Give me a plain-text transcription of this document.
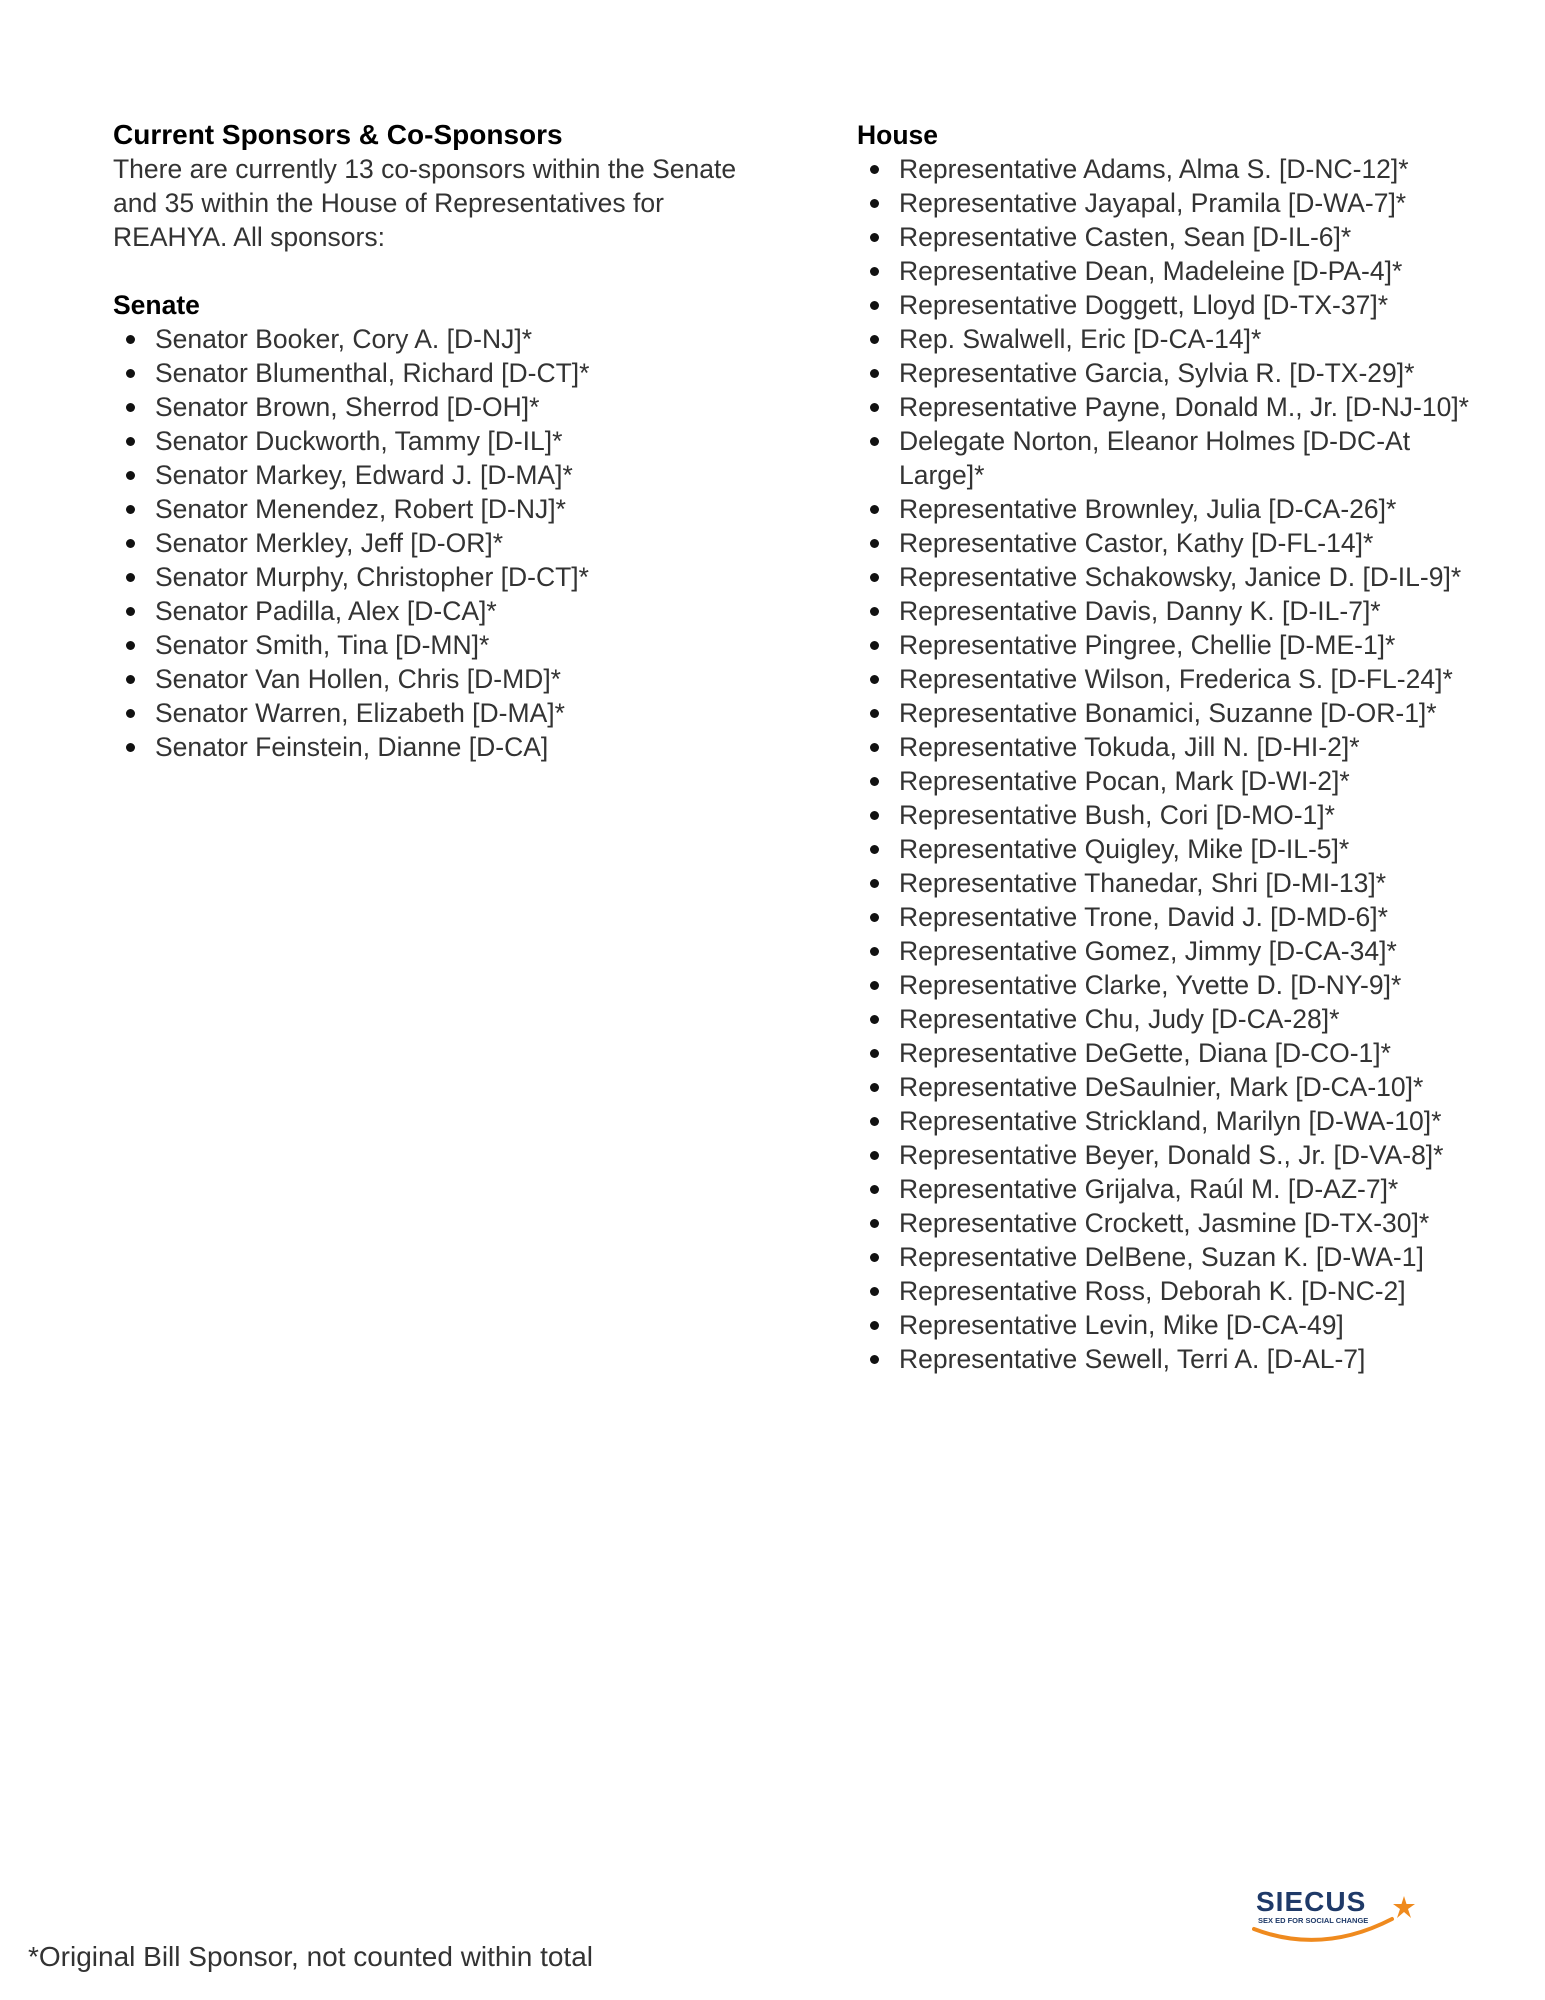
Current Sponsors & Co-Sponsors

There are currently 13 co-sponsors within the Senate and 35 within the House of Representatives for REAHYA. All sponsors:

Senate
Senator Booker, Cory A. [D-NJ]*
Senator Blumenthal, Richard [D-CT]*
Senator Brown, Sherrod [D-OH]*
Senator Duckworth, Tammy [D-IL]*
Senator Markey, Edward J. [D-MA]*
Senator Menendez, Robert [D-NJ]*
Senator Merkley, Jeff [D-OR]*
Senator Murphy, Christopher [D-CT]*
Senator Padilla, Alex [D-CA]*
Senator Smith, Tina [D-MN]*
Senator Van Hollen, Chris [D-MD]*
Senator Warren, Elizabeth [D-MA]*
Senator Feinstein, Dianne [D-CA]
House
Representative Adams, Alma S. [D-NC-12]*
Representative Jayapal, Pramila [D-WA-7]*
Representative Casten, Sean [D-IL-6]*
Representative Dean, Madeleine [D-PA-4]*
Representative Doggett, Lloyd [D-TX-37]*
Rep. Swalwell, Eric [D-CA-14]*
Representative Garcia, Sylvia R. [D-TX-29]*
Representative Payne, Donald M., Jr. [D-NJ-10]*
Delegate Norton, Eleanor Holmes [D-DC-At Large]*
Representative Brownley, Julia [D-CA-26]*
Representative Castor, Kathy [D-FL-14]*
Representative Schakowsky, Janice D. [D-IL-9]*
Representative Davis, Danny K. [D-IL-7]*
Representative Pingree, Chellie [D-ME-1]*
Representative Wilson, Frederica S. [D-FL-24]*
Representative Bonamici, Suzanne [D-OR-1]*
Representative Tokuda, Jill N. [D-HI-2]*
Representative Pocan, Mark [D-WI-2]*
Representative Bush, Cori [D-MO-1]*
Representative Quigley, Mike [D-IL-5]*
Representative Thanedar, Shri [D-MI-13]*
Representative Trone, David J. [D-MD-6]*
Representative Gomez, Jimmy [D-CA-34]*
Representative Clarke, Yvette D. [D-NY-9]*
Representative Chu, Judy [D-CA-28]*
Representative DeGette, Diana [D-CO-1]*
Representative DeSaulnier, Mark [D-CA-10]*
Representative Strickland, Marilyn [D-WA-10]*
Representative Beyer, Donald S., Jr. [D-VA-8]*
Representative Grijalva, Raúl M. [D-AZ-7]*
Representative Crockett, Jasmine [D-TX-30]*
Representative DelBene, Suzan K. [D-WA-1]
Representative Ross, Deborah K. [D-NC-2]
Representative Levin, Mike [D-CA-49]
Representative Sewell, Terri A. [D-AL-7]
*Original Bill Sponsor, not counted within total
SIECUS
SEX ED FOR SOCIAL CHANGE
